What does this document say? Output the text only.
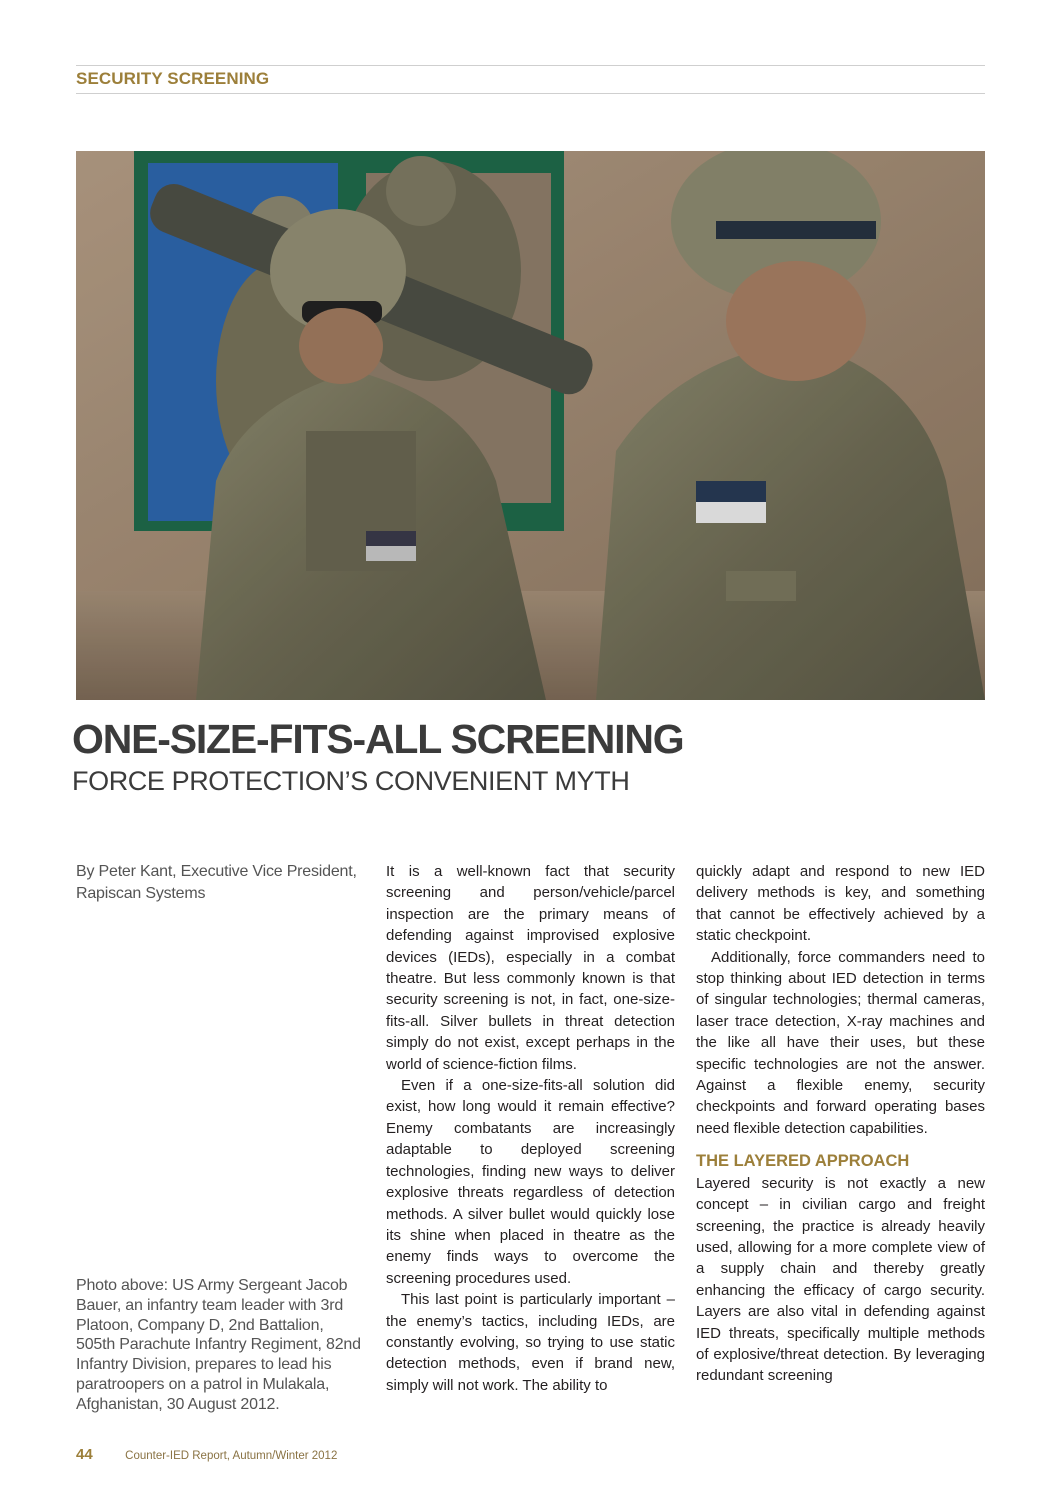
SECURITY SCREENING
ONE-SIZE-FITS-ALL SCREENING
FORCE PROTECTION’S CONVENIENT MYTH
By Peter Kant, Executive Vice President, Rapiscan Systems
Photo above: US Army Sergeant Jacob Bauer, an infantry team leader with 3rd Platoon, Company D, 2nd Battalion, 505th Parachute Infantry Regiment, 82nd Infantry Division, prepares to lead his paratroopers on a patrol in Mulakala, Afghanistan, 30 August 2012.

It is a well-known fact that security screening and person/vehicle/parcel inspection are the primary means of defending against improvised explosive devices (IEDs), especially in a combat theatre. But less commonly known is that security screening is not, in fact, one-size-fits-all. Silver bullets in threat detection simply do not exist, except perhaps in the world of science-fiction films.

Even if a one-size-fits-all solution did exist, how long would it remain effective? Enemy combatants are increasingly adaptable to deployed screening technologies, finding new ways to deliver explosive threats regardless of detection methods. A silver bullet would quickly lose its shine when placed in theatre as the enemy finds ways to overcome the screening procedures used.

This last point is particularly important – the enemy’s tactics, including IEDs, are constantly evolving, so trying to use static detection methods, even if brand new, simply will not work. The ability to

quickly adapt and respond to new IED delivery methods is key, and something that cannot be effectively achieved by a static checkpoint.

Additionally, force commanders need to stop thinking about IED detection in terms of singular technologies; thermal cameras, laser trace detection, X-ray machines and the like all have their uses, but these specific technologies are not the answer. Against a flexible enemy, security checkpoints and forward operating bases need flexible detection capabilities.

THE LAYERED APPROACH

Layered security is not exactly a new concept – in civilian cargo and freight screening, the practice is already heavily used, allowing for a more complete view of a supply chain and thereby greatly enhancing the efficacy of cargo security. Layers are also vital in defending against IED threats, specifically multiple methods of explosive/threat detection. By leveraging redundant screening

44	Counter-IED Report, Autumn/Winter 2012
